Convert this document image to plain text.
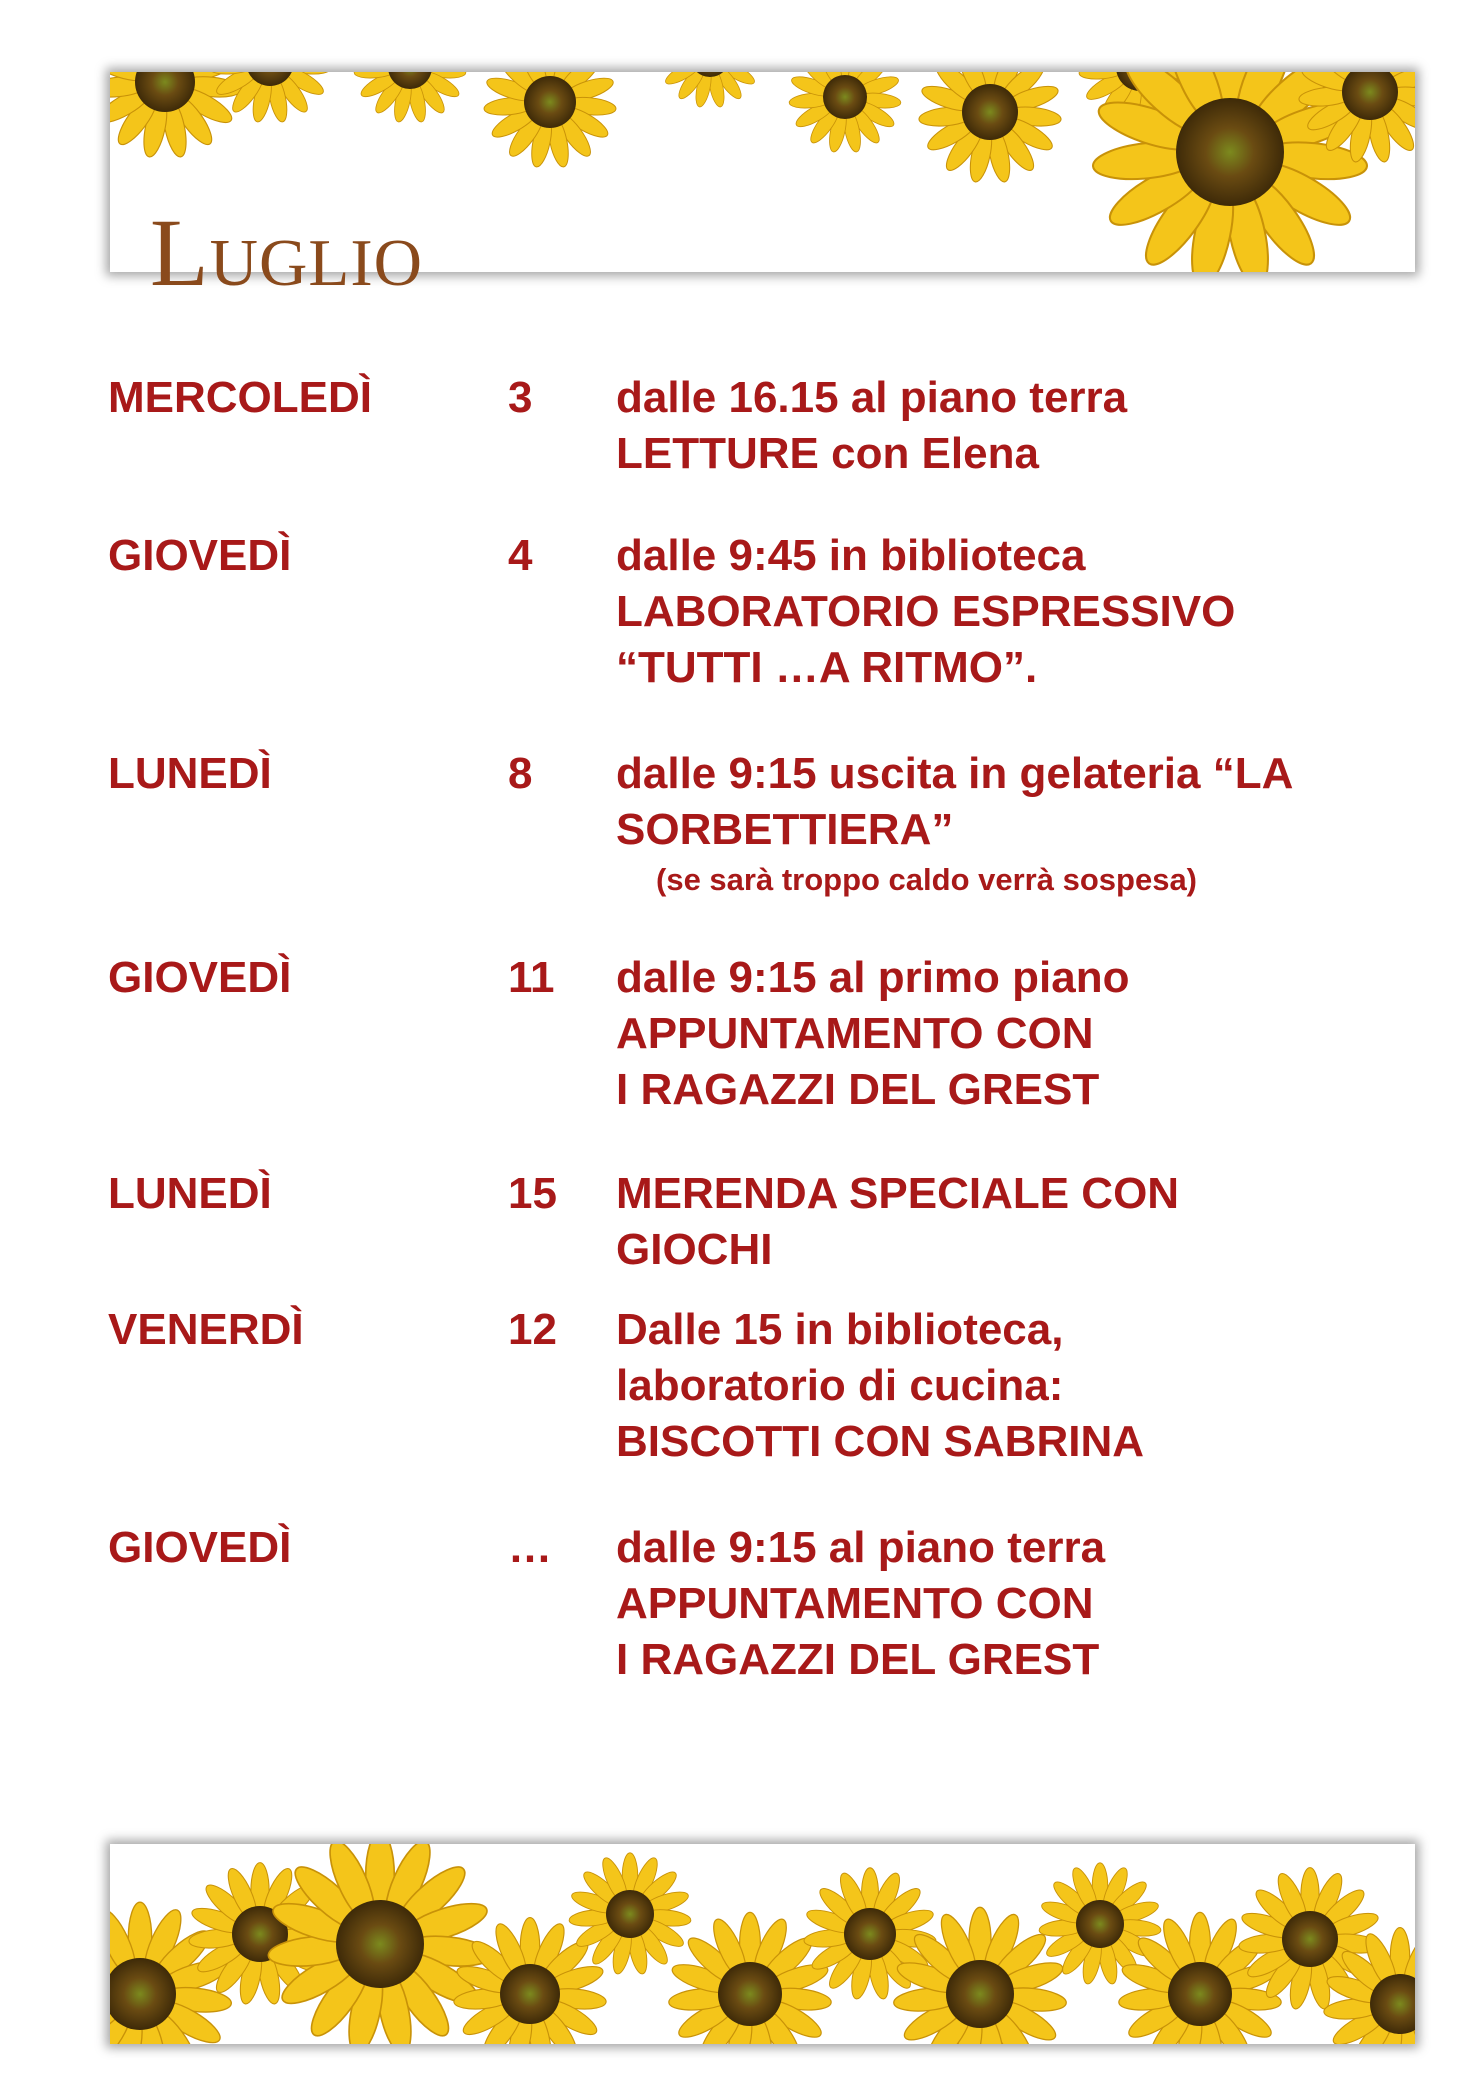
Luglio
MERCOLEDÌ	3 dalle 16.15 al piano terra
LETTURE con Elena
GIOVEDÌ	4 dalle 9:45 in biblioteca
LABORATORIO ESPRESSIVO
“TUTTI …A RITMO”.
LUNEDÌ	8 dalle 9:15 uscita in gelateria “LA
SORBETTIERA”
(se sarà troppo caldo verrà sospesa)
GIOVEDÌ	11 dalle 9:15 al primo piano
APPUNTAMENTO CON
I RAGAZZI DEL GREST
LUNEDÌ	15 MERENDA SPECIALE CON
GIOCHI
VENERDÌ	12 Dalle 15 in biblioteca,
laboratorio di cucina:
BISCOTTI CON SABRINA
GIOVEDÌ	… dalle 9:15 al piano terra
APPUNTAMENTO CON
I RAGAZZI DEL GREST
